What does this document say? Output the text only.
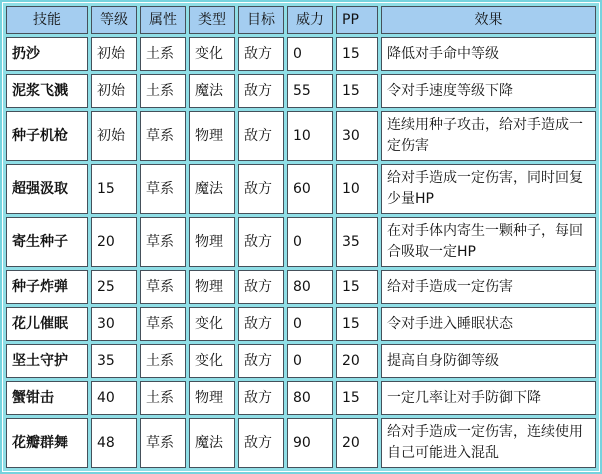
技能	等级	属性	类型	目标	威力	PP	效果
扔沙	初始	土系	变化	敌方	0	15	降低对手命中等级
泥浆飞溅	初始	土系	魔法	敌方	55	15	令对手速度等级下降
种子机枪	初始	草系	物理	敌方	10	30	连续用种子攻击，给对手造成一定伤害
超强汲取	15	草系	魔法	敌方	60	10	给对手造成一定伤害，同时回复少量HP
寄生种子	20	草系	物理	敌方	0	35	在对手体内寄生一颗种子，每回合吸取一定HP
种子炸弹	25	草系	物理	敌方	80	15	给对手造成一定伤害
花儿催眠	30	草系	变化	敌方	0	15	令对手进入睡眠状态
坚土守护	35	土系	变化	敌方	0	20	提高自身防御等级
蟹钳击	40	土系	物理	敌方	80	15	一定几率让对手防御下降
花瓣群舞	48	草系	魔法	敌方	90	20	给对手造成一定伤害，连续使用自己可能进入混乱
